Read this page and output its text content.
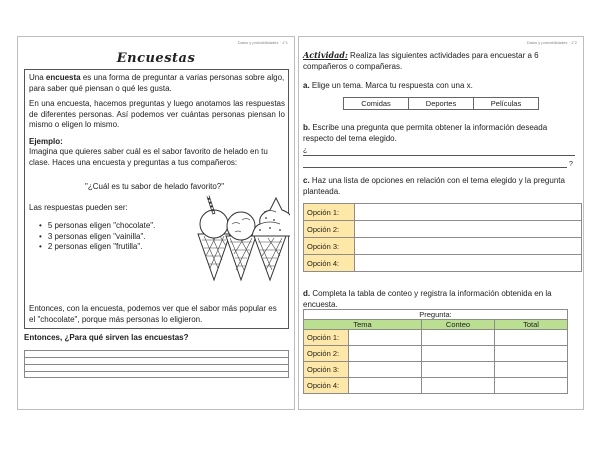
Datos y probabilidades · 1°1
Encuestas
Una encuesta es una forma de preguntar a varias personas sobre algo, para saber qué piensan o qué les gusta.
En una encuesta, hacemos preguntas y luego anotamos las respuestas de diferentes personas. Así podemos ver cuántas personas piensan lo mismo o eligen lo mismo.
Ejemplo:
Imagina que quieres saber cuál es el sabor favorito de helado en tu clase. Haces una encuesta y preguntas a tus compañeros:
"¿Cuál es tu sabor de helado favorito?"
Las respuestas pueden ser:
• 5 personas eligen "chocolate".
• 3 personas eligen "vainilla".
• 2 personas eligen "frutilla".
Entonces, con la encuesta, podemos ver que el sabor más popular es el "chocolate", porque más personas lo eligieron.
Entonces, ¿Para qué sirven las encuestas?
Datos y probabilidades · 1°2
Actividad: Realiza las siguientes actividades para encuestar a 6 compañeros o compañeras.
a. Elige un tema. Marca tu respuesta con una x.
Comidas	Deportes	Películas
b. Escribe una pregunta que permita obtener la información deseada respecto del tema elegido.
¿
?
c. Haz una lista de opciones en relación con el tema elegido y la pregunta planteada.
Opción 1:	
Opción 2:	
Opción 3:	
Opción 4:	
d. Completa la tabla de conteo y registra la información obtenida en la encuesta.
Pregunta:			
Tema		Conteo	Total
Opción 1:			
Opción 2:			
Opción 3:			
Opción 4:			
